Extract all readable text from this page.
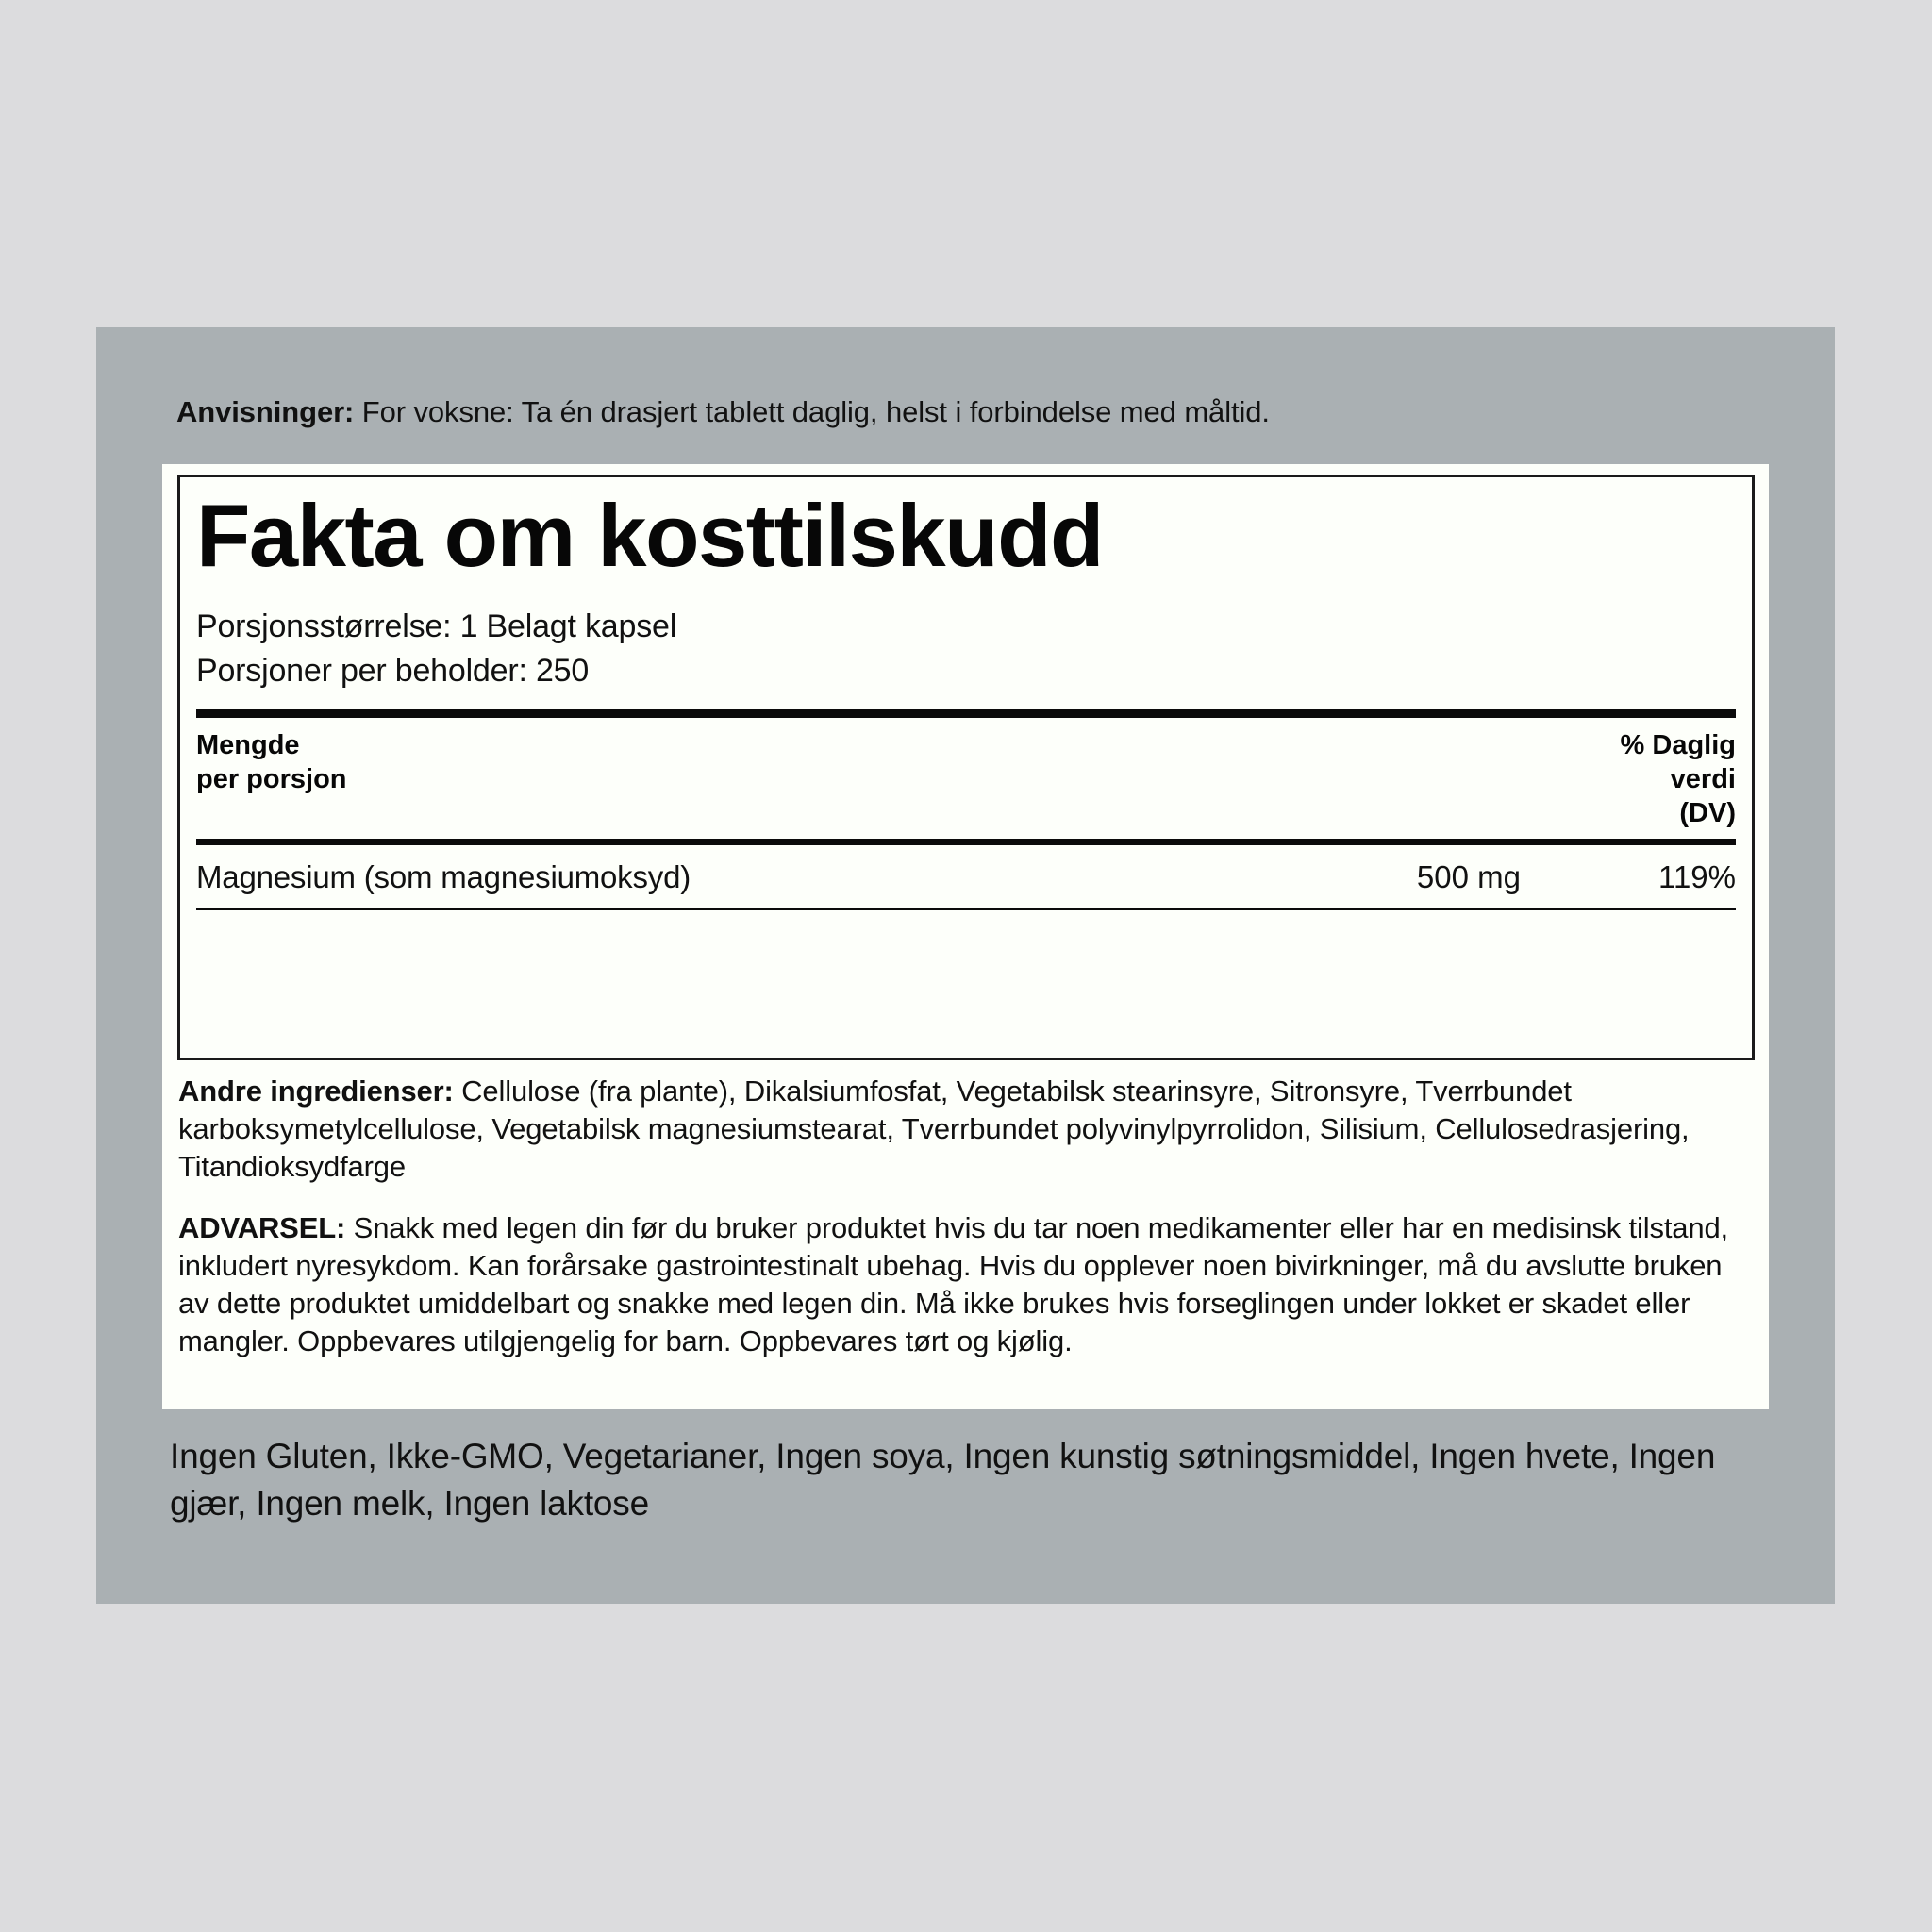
Anvisninger: For voksne: Ta én drasjert tablett daglig, helst i forbindelse med måltid.
Fakta om kosttilskudd
Porsjonsstørrelse: 1 Belagt kapsel
Porsjoner per beholder: 250
Mengde
per porsjon
% Daglig
verdi
(DV)
Magnesium (som magnesiumoksyd)	500 mg	119%
Andre ingredienser: Cellulose (fra plante), Dikalsiumfosfat, Vegetabilsk stearinsyre, Sitronsyre, Tverrbundet karboksymetylcellulose, Vegetabilsk magnesiumstearat, Tverrbundet polyvinylpyrrolidon, Silisium, Cellulosedrasjering, Titandioksydfarge
ADVARSEL: Snakk med legen din før du bruker produktet hvis du tar noen medikamenter eller har en medisinsk tilstand, inkludert nyresykdom. Kan forårsake gastrointestinalt ubehag. Hvis du opplever noen bivirkninger, må du avslutte bruken av dette produktet umiddelbart og snakke med legen din. Må ikke brukes hvis forseglingen under lokket er skadet eller mangler. Oppbevares utilgjengelig for barn. Oppbevares tørt og kjølig.
Ingen Gluten, Ikke-GMO, Vegetarianer, Ingen soya, Ingen kunstig søtningsmiddel, Ingen hvete, Ingen gjær, Ingen melk, Ingen laktose
